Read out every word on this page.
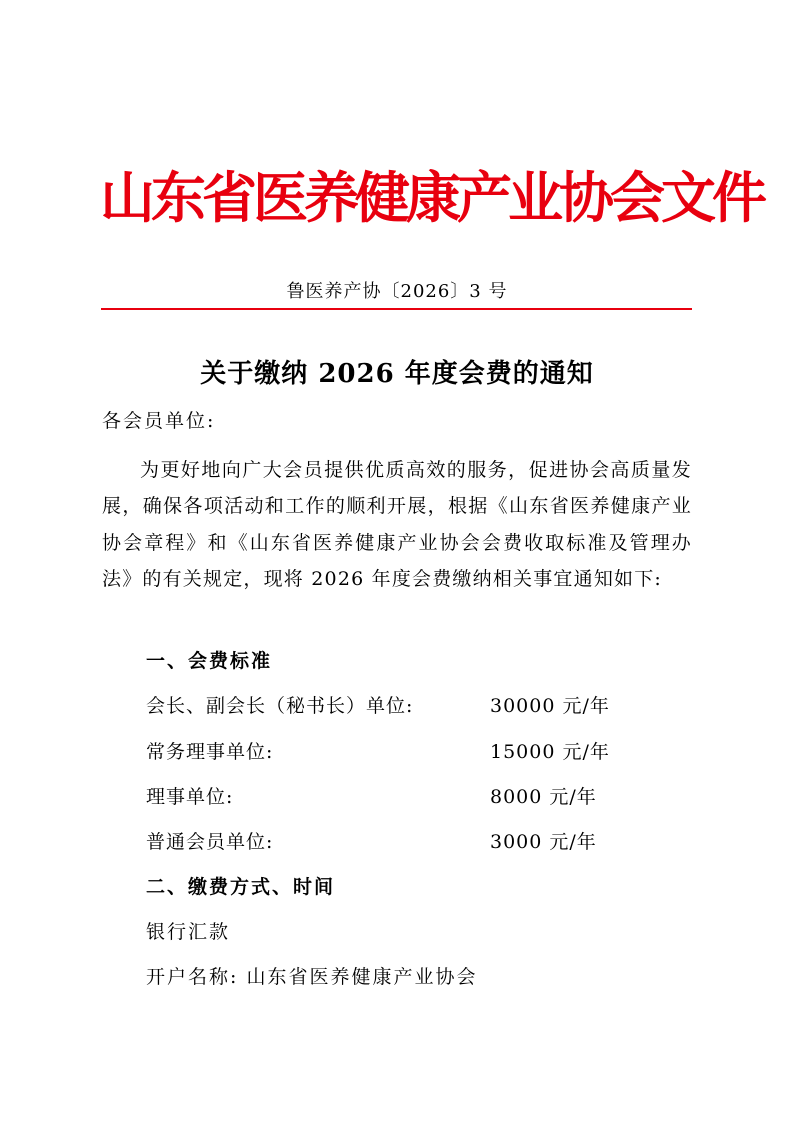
山东省医养健康产业协会文件
鲁医养产协〔2026〕3 号
关于缴纳 2026 年度会费的通知
各会员单位:
为更好地向广大会员提供优质高效的服务，促进协会高质量发展，确保各项活动和工作的顺利开展，根据《山东省医养健康产业协会章程》和《山东省医养健康产业协会会费收取标准及管理办法》的有关规定，现将 2026 年度会费缴纳相关事宜通知如下:
一、会费标准
会长、副会长（秘书长）单位:	30000 元/年
常务理事单位:	15000 元/年
理事单位:	8000 元/年
普通会员单位:	3000 元/年
二、缴费方式、时间
银行汇款
开户名称: 山东省医养健康产业协会
